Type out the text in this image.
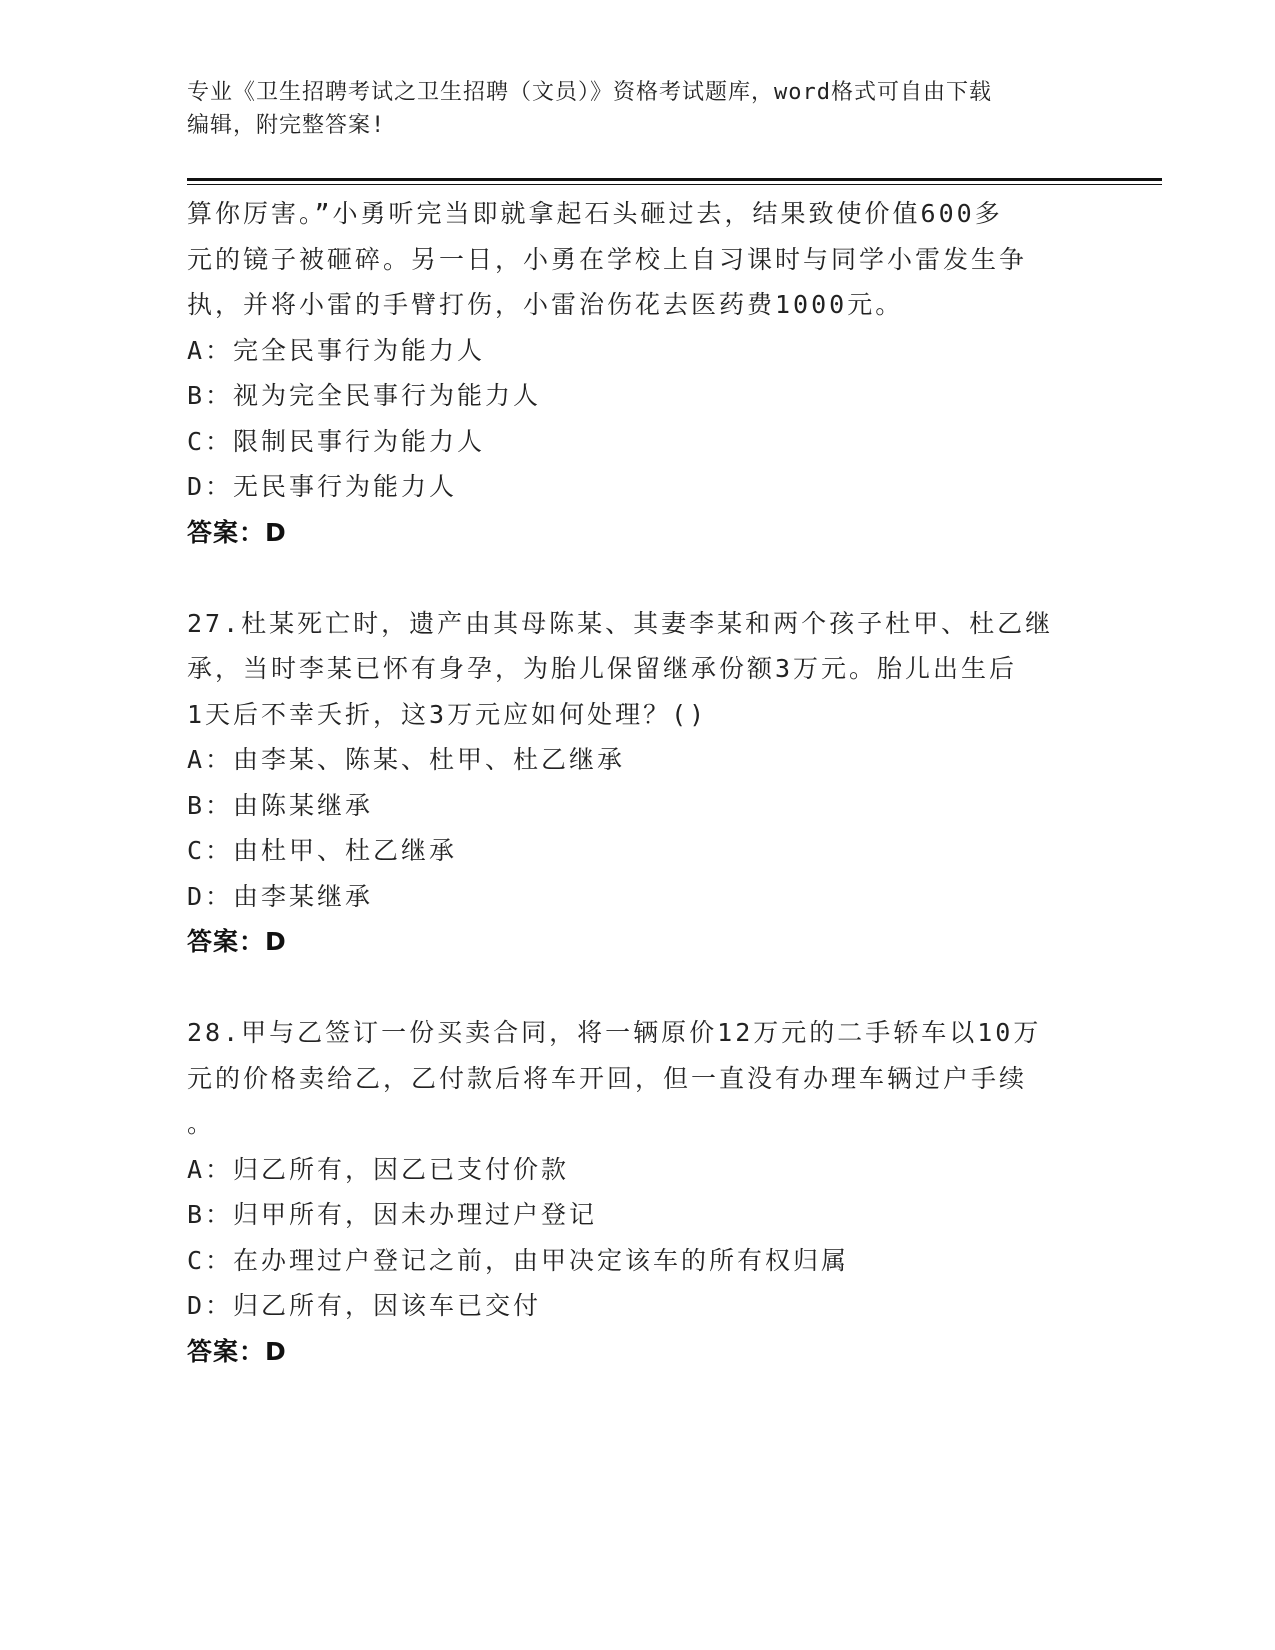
专业《卫生招聘考试之卫生招聘（文员）》资格考试题库，word格式可自由下载
编辑，附完整答案!
算你厉害。”小勇听完当即就拿起石头砸过去，结果致使价值600多
元的镜子被砸碎。另一日，小勇在学校上自习课时与同学小雷发生争
执，并将小雷的手臂打伤，小雷治伤花去医药费1000元。
A：完全民事行为能力人
B：视为完全民事行为能力人
C：限制民事行为能力人
D：无民事行为能力人
答案：D
27.杜某死亡时，遗产由其母陈某、其妻李某和两个孩子杜甲、杜乙继
承，当时李某已怀有身孕，为胎儿保留继承份额3万元。胎儿出生后
1天后不幸夭折，这3万元应如何处理？()
A：由李某、陈某、杜甲、杜乙继承
B：由陈某继承
C：由杜甲、杜乙继承
D：由李某继承
答案：D
28.甲与乙签订一份买卖合同，将一辆原价12万元的二手轿车以10万
元的价格卖给乙，乙付款后将车开回，但一直没有办理车辆过户手续
。
A：归乙所有，因乙已支付价款
B：归甲所有，因未办理过户登记
C：在办理过户登记之前，由甲决定该车的所有权归属
D：归乙所有，因该车已交付
答案：D
